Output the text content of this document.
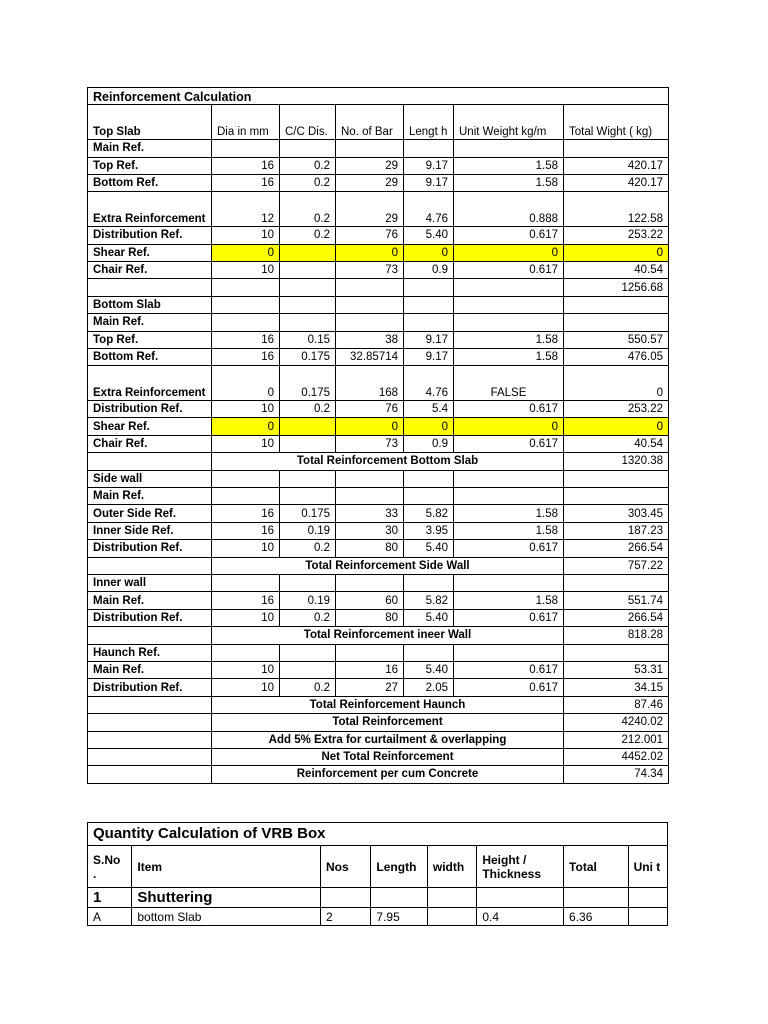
Reinforcement Calculation						
Top Slab	Dia in mm	C/C Dis.	No. of Bar	Lengt h	Unit Weight kg/m	Total Wight ( kg)
Main Ref.						
Top Ref.	16	0.2	29	9.17	1.58	420.17
Bottom Ref.	16	0.2	29	9.17	1.58	420.17
Extra Reinforcement	12	0.2	29	4.76	0.888	122.58
Distribution Ref.	10	0.2	76	5.40	0.617	253.22
Shear Ref.	0		0	0	0	0
Chair Ref.	10		73	0.9	0.617	40.54
						1256.68
Bottom Slab						
Main Ref.						
Top Ref.	16	0.15	38	9.17	1.58	550.57
Bottom Ref.	16	0.175	32.85714	9.17	1.58	476.05
Extra Reinforcement	0	0.175	168	4.76	FALSE	0
Distribution Ref.	10	0.2	76	5.4	0.617	253.22
Shear Ref.	0		0	0	0	0
Chair Ref.	10		73	0.9	0.617	40.54
	Total Reinforcement Bottom Slab					1320.38
Side wall						
Main Ref.						
Outer Side Ref.	16	0.175	33	5.82	1.58	303.45
Inner Side Ref.	16	0.19	30	3.95	1.58	187.23
Distribution Ref.	10	0.2	80	5.40	0.617	266.54
	Total Reinforcement Side Wall					757.22
Inner wall						
Main Ref.	16	0.19	60	5.82	1.58	551.74
Distribution Ref.	10	0.2	80	5.40	0.617	266.54
	Total Reinforcement ineer Wall					818.28
Haunch Ref.						
Main Ref.	10		16	5.40	0.617	53.31
Distribution Ref.	10	0.2	27	2.05	0.617	34.15
	Total Reinforcement Haunch					87.46
	Total Reinforcement					4240.02
	Add 5% Extra for curtailment & overlapping					212.001
	Net Total Reinforcement					4452.02
	Reinforcement per cum Concrete					74.34
Quantity Calculation of VRB Box							
S.No .	Item	Nos	Length	width	Height / Thickness	Total	Uni t
1	Shuttering						
A	bottom Slab	2	7.95		0.4	6.36	
